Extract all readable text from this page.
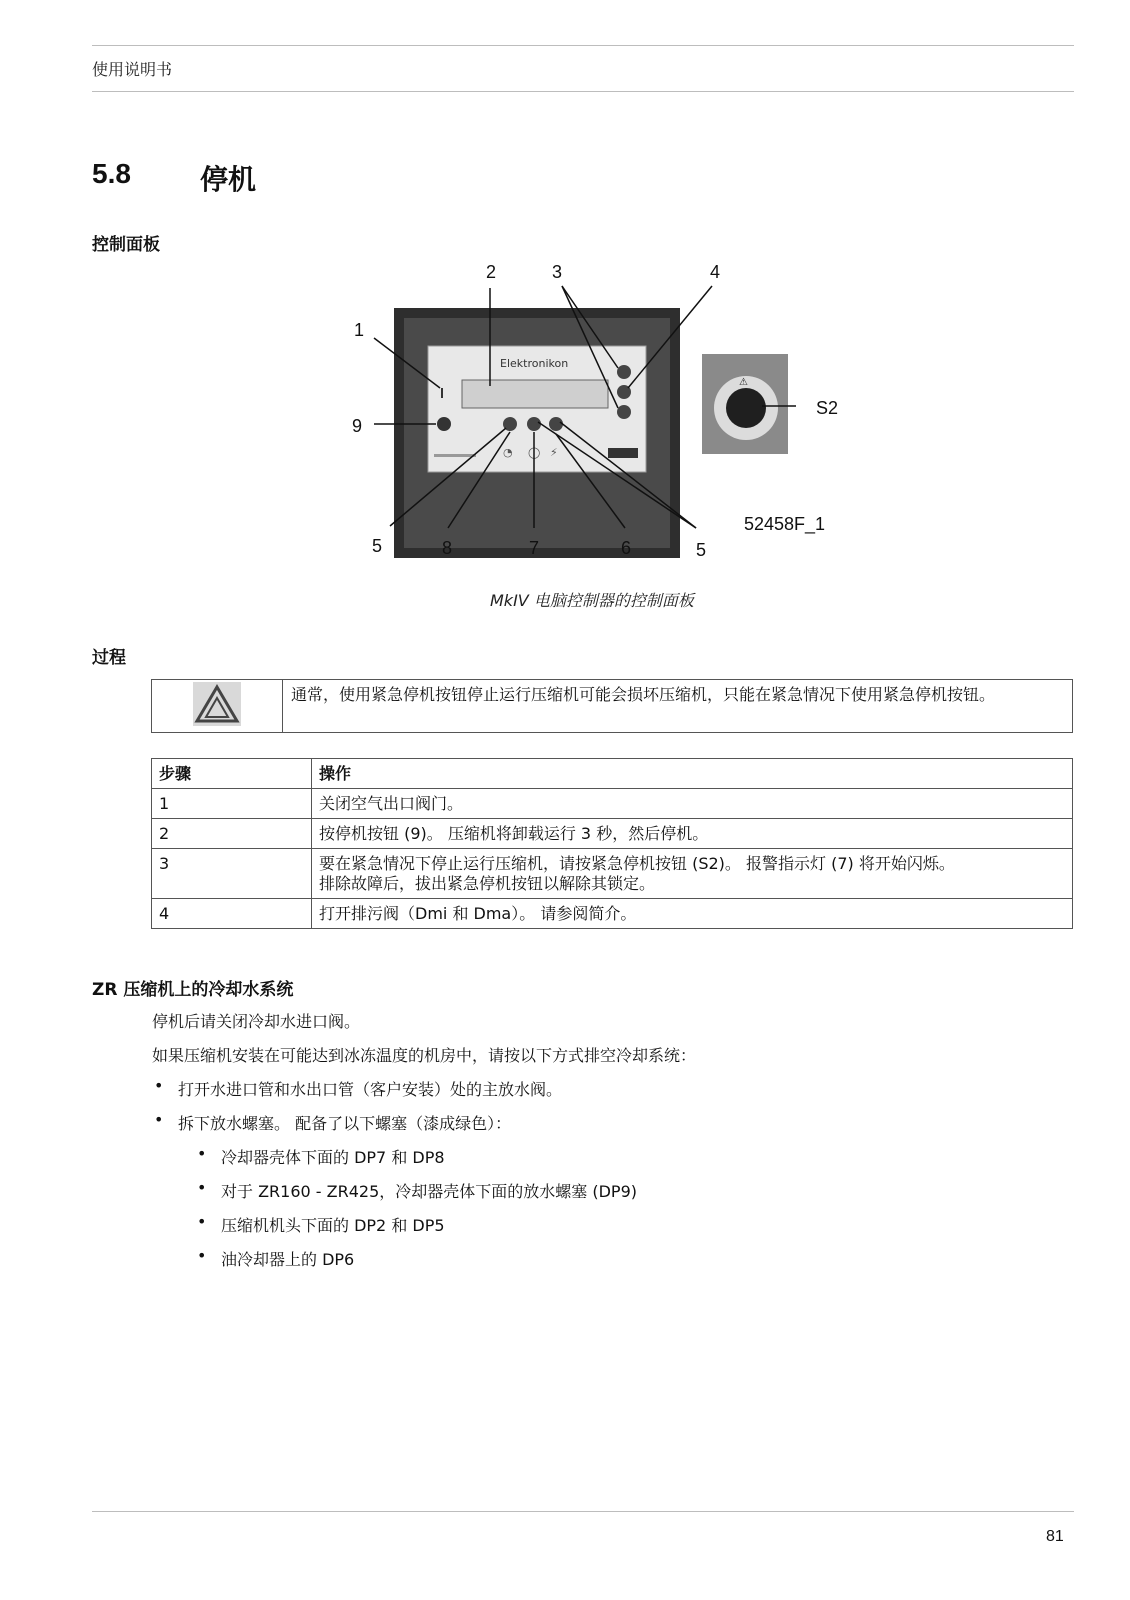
使用说明书
5.8 停机
控制面板
Elektronikon
◔ ◯ ⚡
⚠
1
2	3	4
5	5
6
7
8
9
S2
52458F_1
MkIV 电脑控制器的控制面板
过程
	通常，使用紧急停机按钮停止运行压缩机可能会损坏压缩机，只能在紧急情况下使用紧急停机按钮。
步骤	操作
1	关闭空气出口阀门。
2	按停机按钮 (9)。 压缩机将卸载运行 3 秒，然后停机。
3	要在紧急情况下停止运行压缩机，请按紧急停机按钮 (S2)。 报警指示灯 (7) 将开始闪烁。 排除故障后，拔出紧急停机按钮以解除其锁定。
4	打开排污阀（Dmi 和 Dma）。 请参阅简介。
ZR 压缩机上的冷却水系统
停机后请关闭冷却水进口阀。
如果压缩机安装在可能达到冰冻温度的机房中，请按以下方式排空冷却系统：
• 打开水进口管和水出口管（客户安装）处的主放水阀。
• 拆下放水螺塞。 配备了以下螺塞（漆成绿色）：
• 冷却器壳体下面的 DP7 和 DP8
• 对于 ZR160 - ZR425，冷却器壳体下面的放水螺塞 (DP9)
• 压缩机机头下面的 DP2 和 DP5
• 油冷却器上的 DP6
81
